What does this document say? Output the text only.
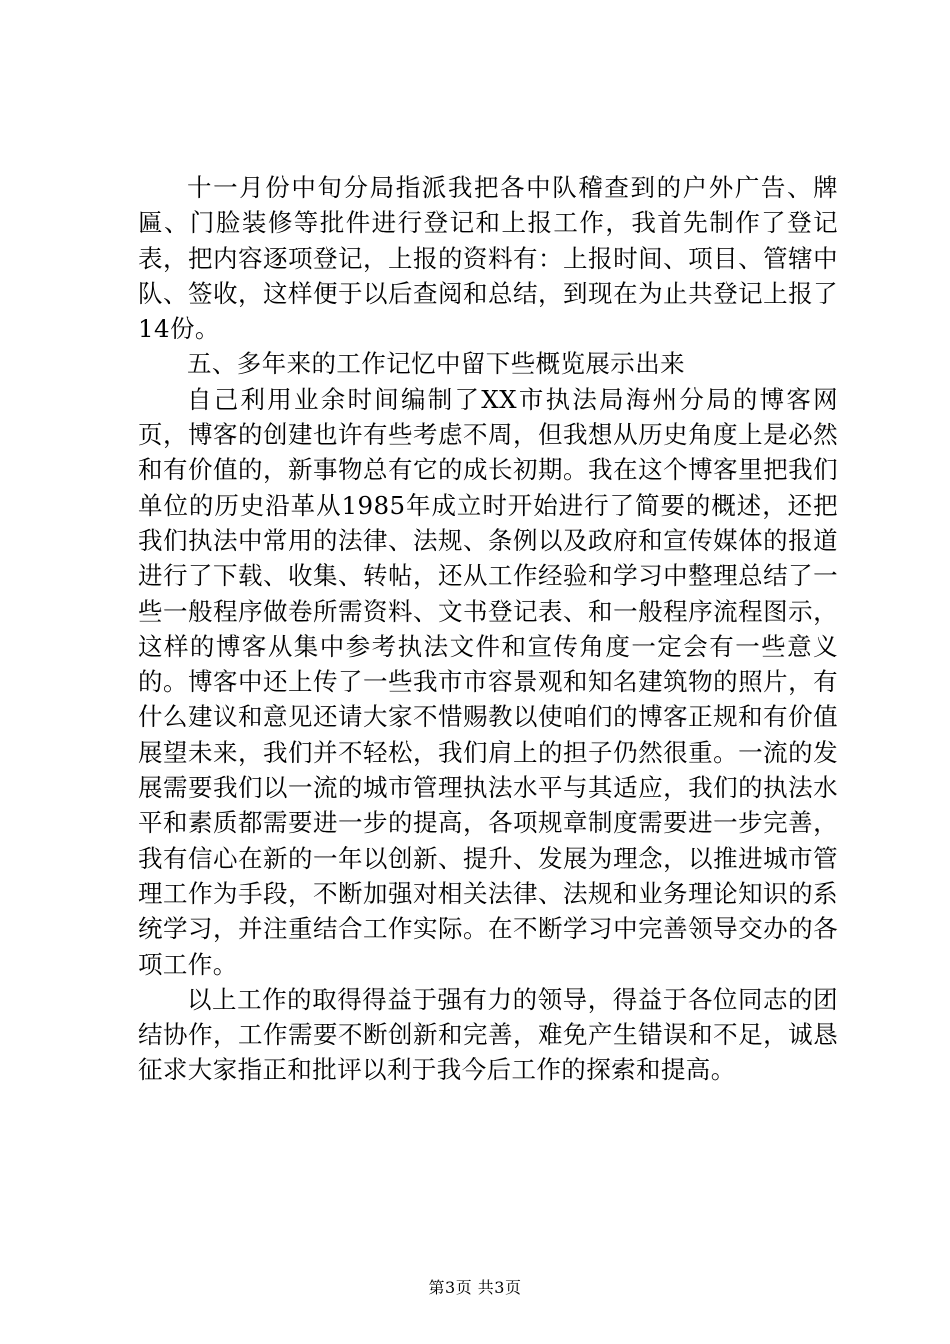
十一月份中旬分局指派我把各中队稽查到的户外广告、牌匾、门脸装修等批件进行登记和上报工作，我首先制作了登记表，把内容逐项登记，上报的资料有：上报时间、项目、管辖中队、签收，这样便于以后查阅和总结，到现在为止共登记上报了14份。

五、多年来的工作记忆中留下些概览展示出来

自己利用业余时间编制了XX市执法局海州分局的博客网页，博客的创建也许有些考虑不周，但我想从历史角度上是必然和有价值的，新事物总有它的成长初期。我在这个博客里把我们单位的历史沿革从1985年成立时开始进行了简要的概述，还把我们执法中常用的法律、法规、条例以及政府和宣传媒体的报道进行了下载、收集、转帖，还从工作经验和学习中整理总结了一些一般程序做卷所需资料、文书登记表、和一般程序流程图示，这样的博客从集中参考执法文件和宣传角度一定会有一些意义的。博客中还上传了一些我市市容景观和知名建筑物的照片，有什么建议和意见还请大家不惜赐教以使咱们的博客正规和有价值展望未来，我们并不轻松，我们肩上的担子仍然很重。一流的发展需要我们以一流的城市管理执法水平与其适应，我们的执法水平和素质都需要进一步的提高，各项规章制度需要进一步完善，我有信心在新的一年以创新、提升、发展为理念，以推进城市管理工作为手段，不断加强对相关法律、法规和业务理论知识的系统学习，并注重结合工作实际。在不断学习中完善领导交办的各项工作。

以上工作的取得得益于强有力的领导，得益于各位同志的团结协作，工作需要不断创新和完善，难免产生错误和不足，诚恳征求大家指正和批评以利于我今后工作的探索和提高。

第3页 共3页
